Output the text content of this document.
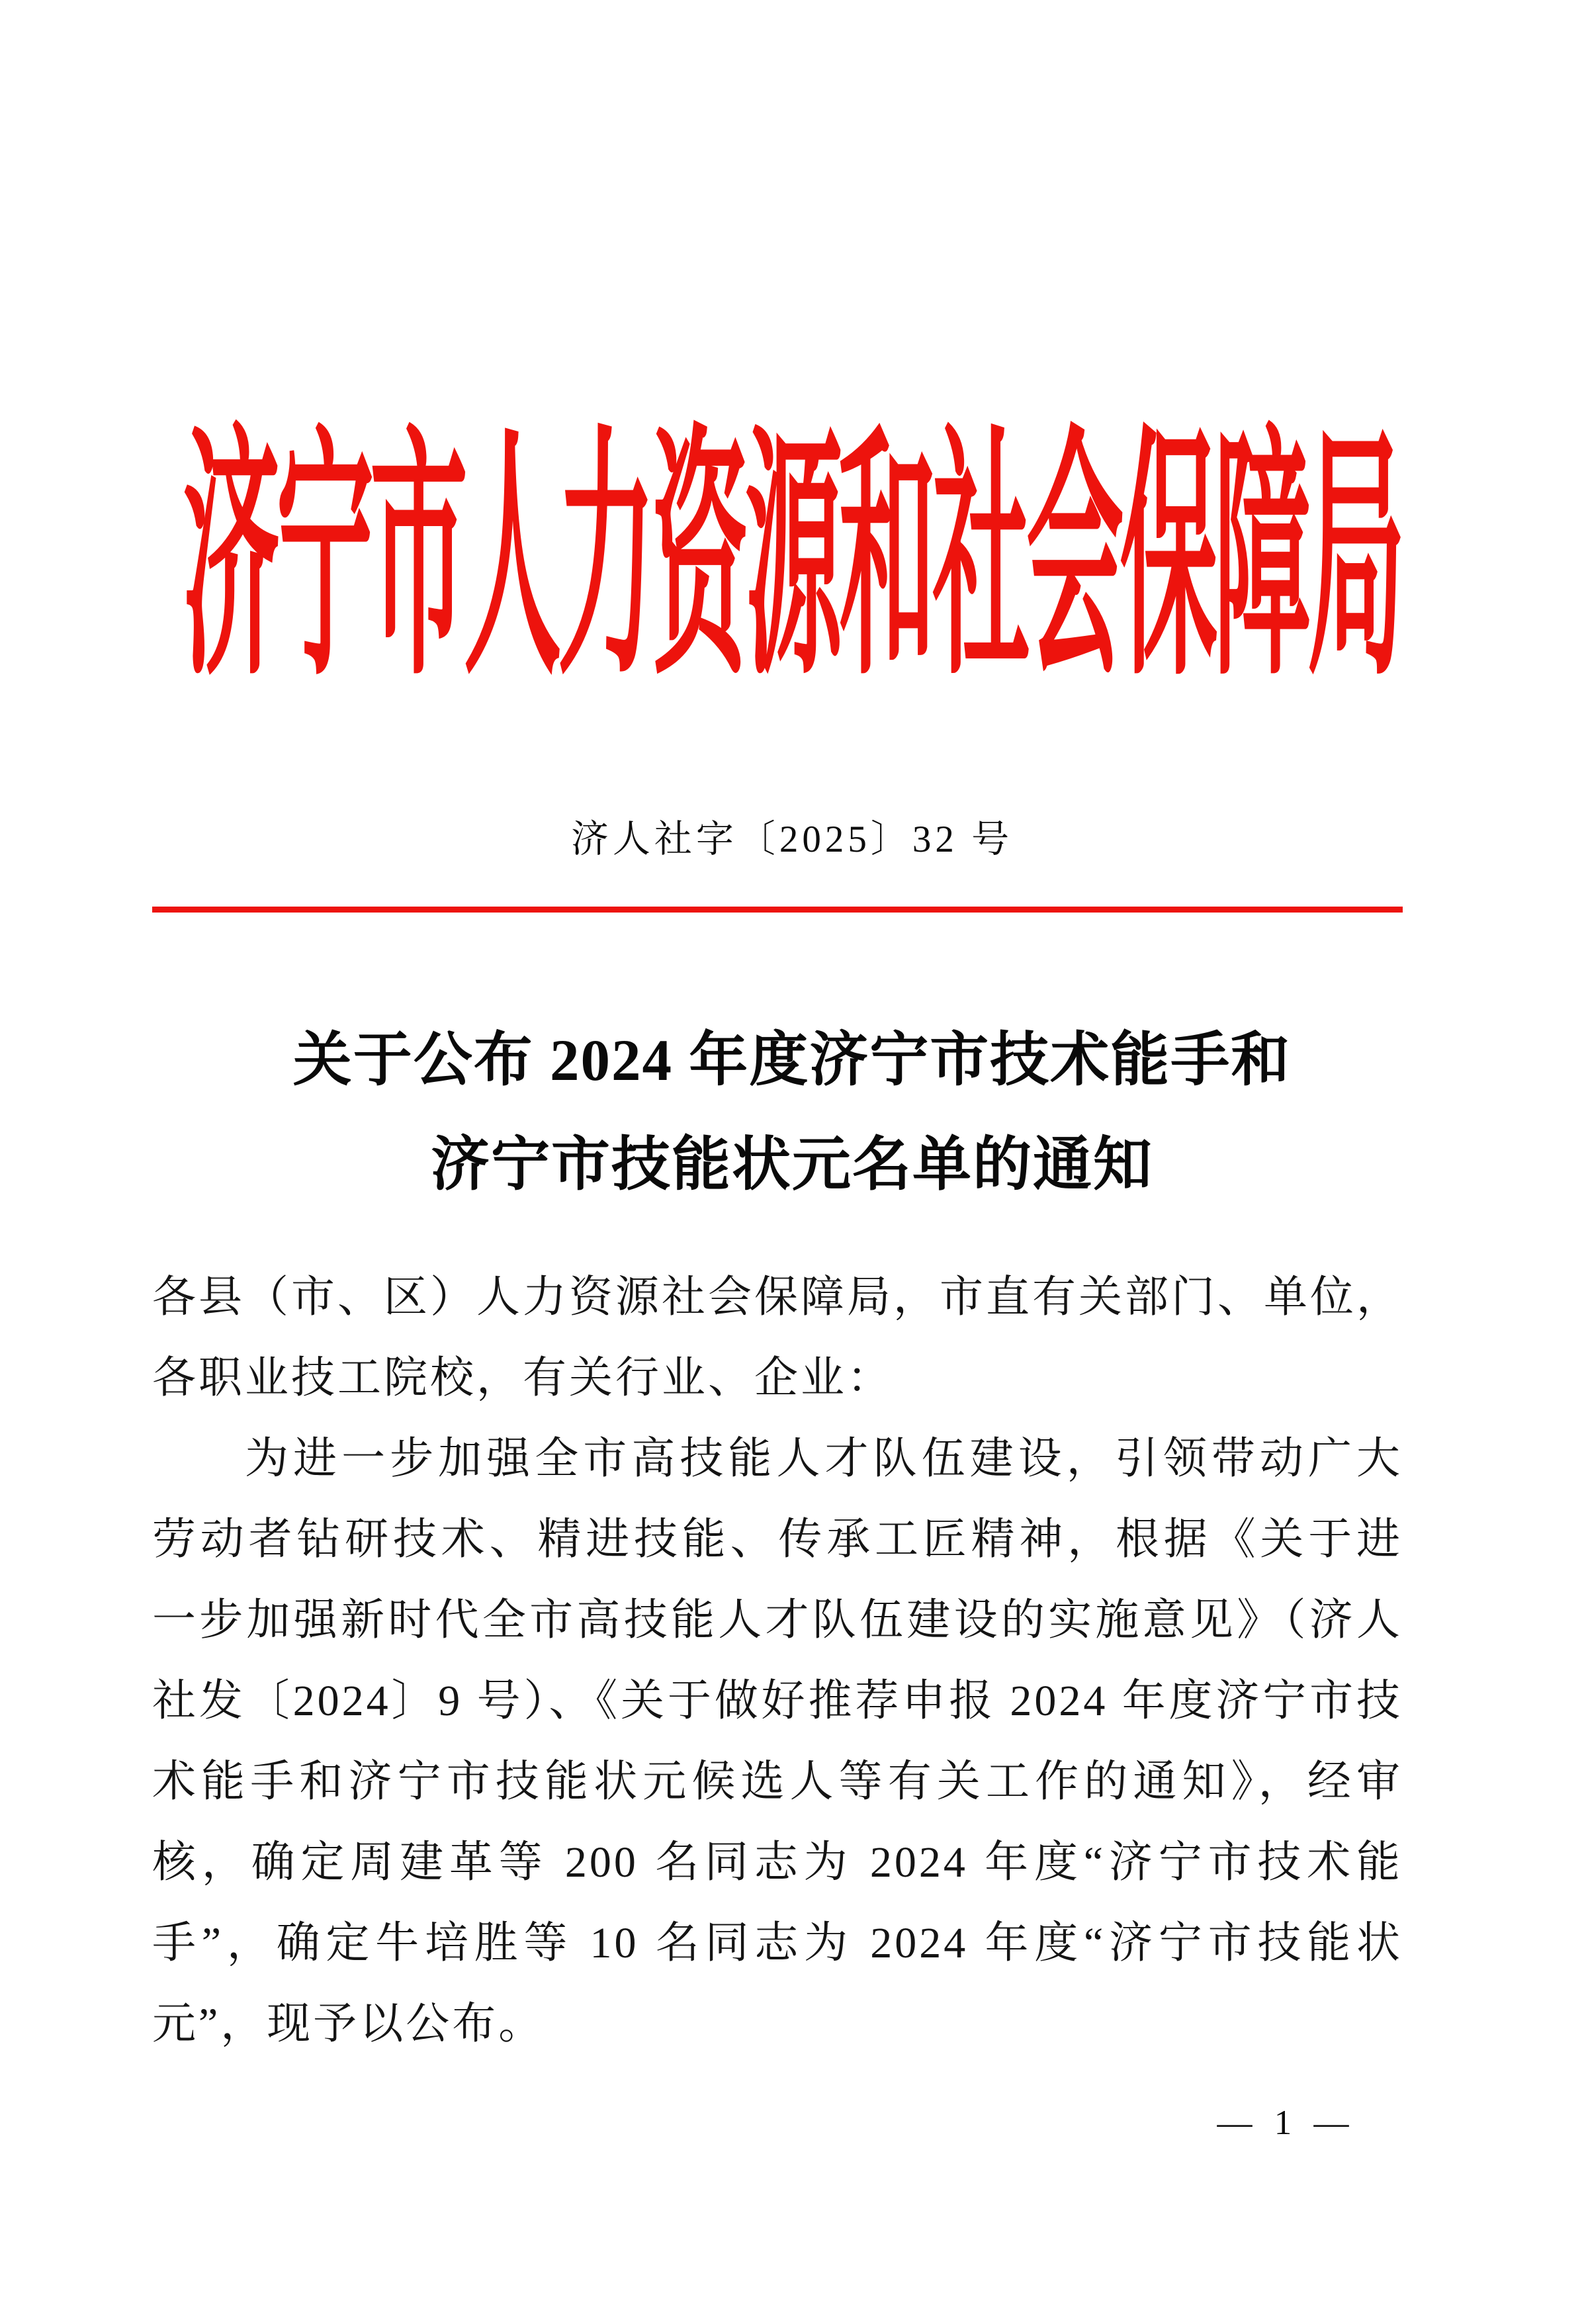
济宁市人力资源和社会保障局
济人社字〔2025〕32 号
关于公布 2024 年度济宁市技术能手和
济宁市技能状元名单的通知
各县（市、区）人力资源社会保障局，市直有关部门、单位，
各职业技工院校，有关行业、企业：
为进一步加强全市高技能人才队伍建设，引领带动广大
劳动者钻研技术、精进技能、传承工匠精神，根据《关于进
一步加强新时代全市高技能人才队伍建设的实施意见》（济人
社发〔2024〕9 号）、《关于做好推荐申报 2024 年度济宁市技
术能手和济宁市技能状元候选人等有关工作的通知》，经审
核，确定周建革等 200 名同志为 2024 年度“济宁市技术能
手”，确定牛培胜等 10 名同志为 2024 年度“济宁市技能状
元”，现予以公布。
— 1 —
